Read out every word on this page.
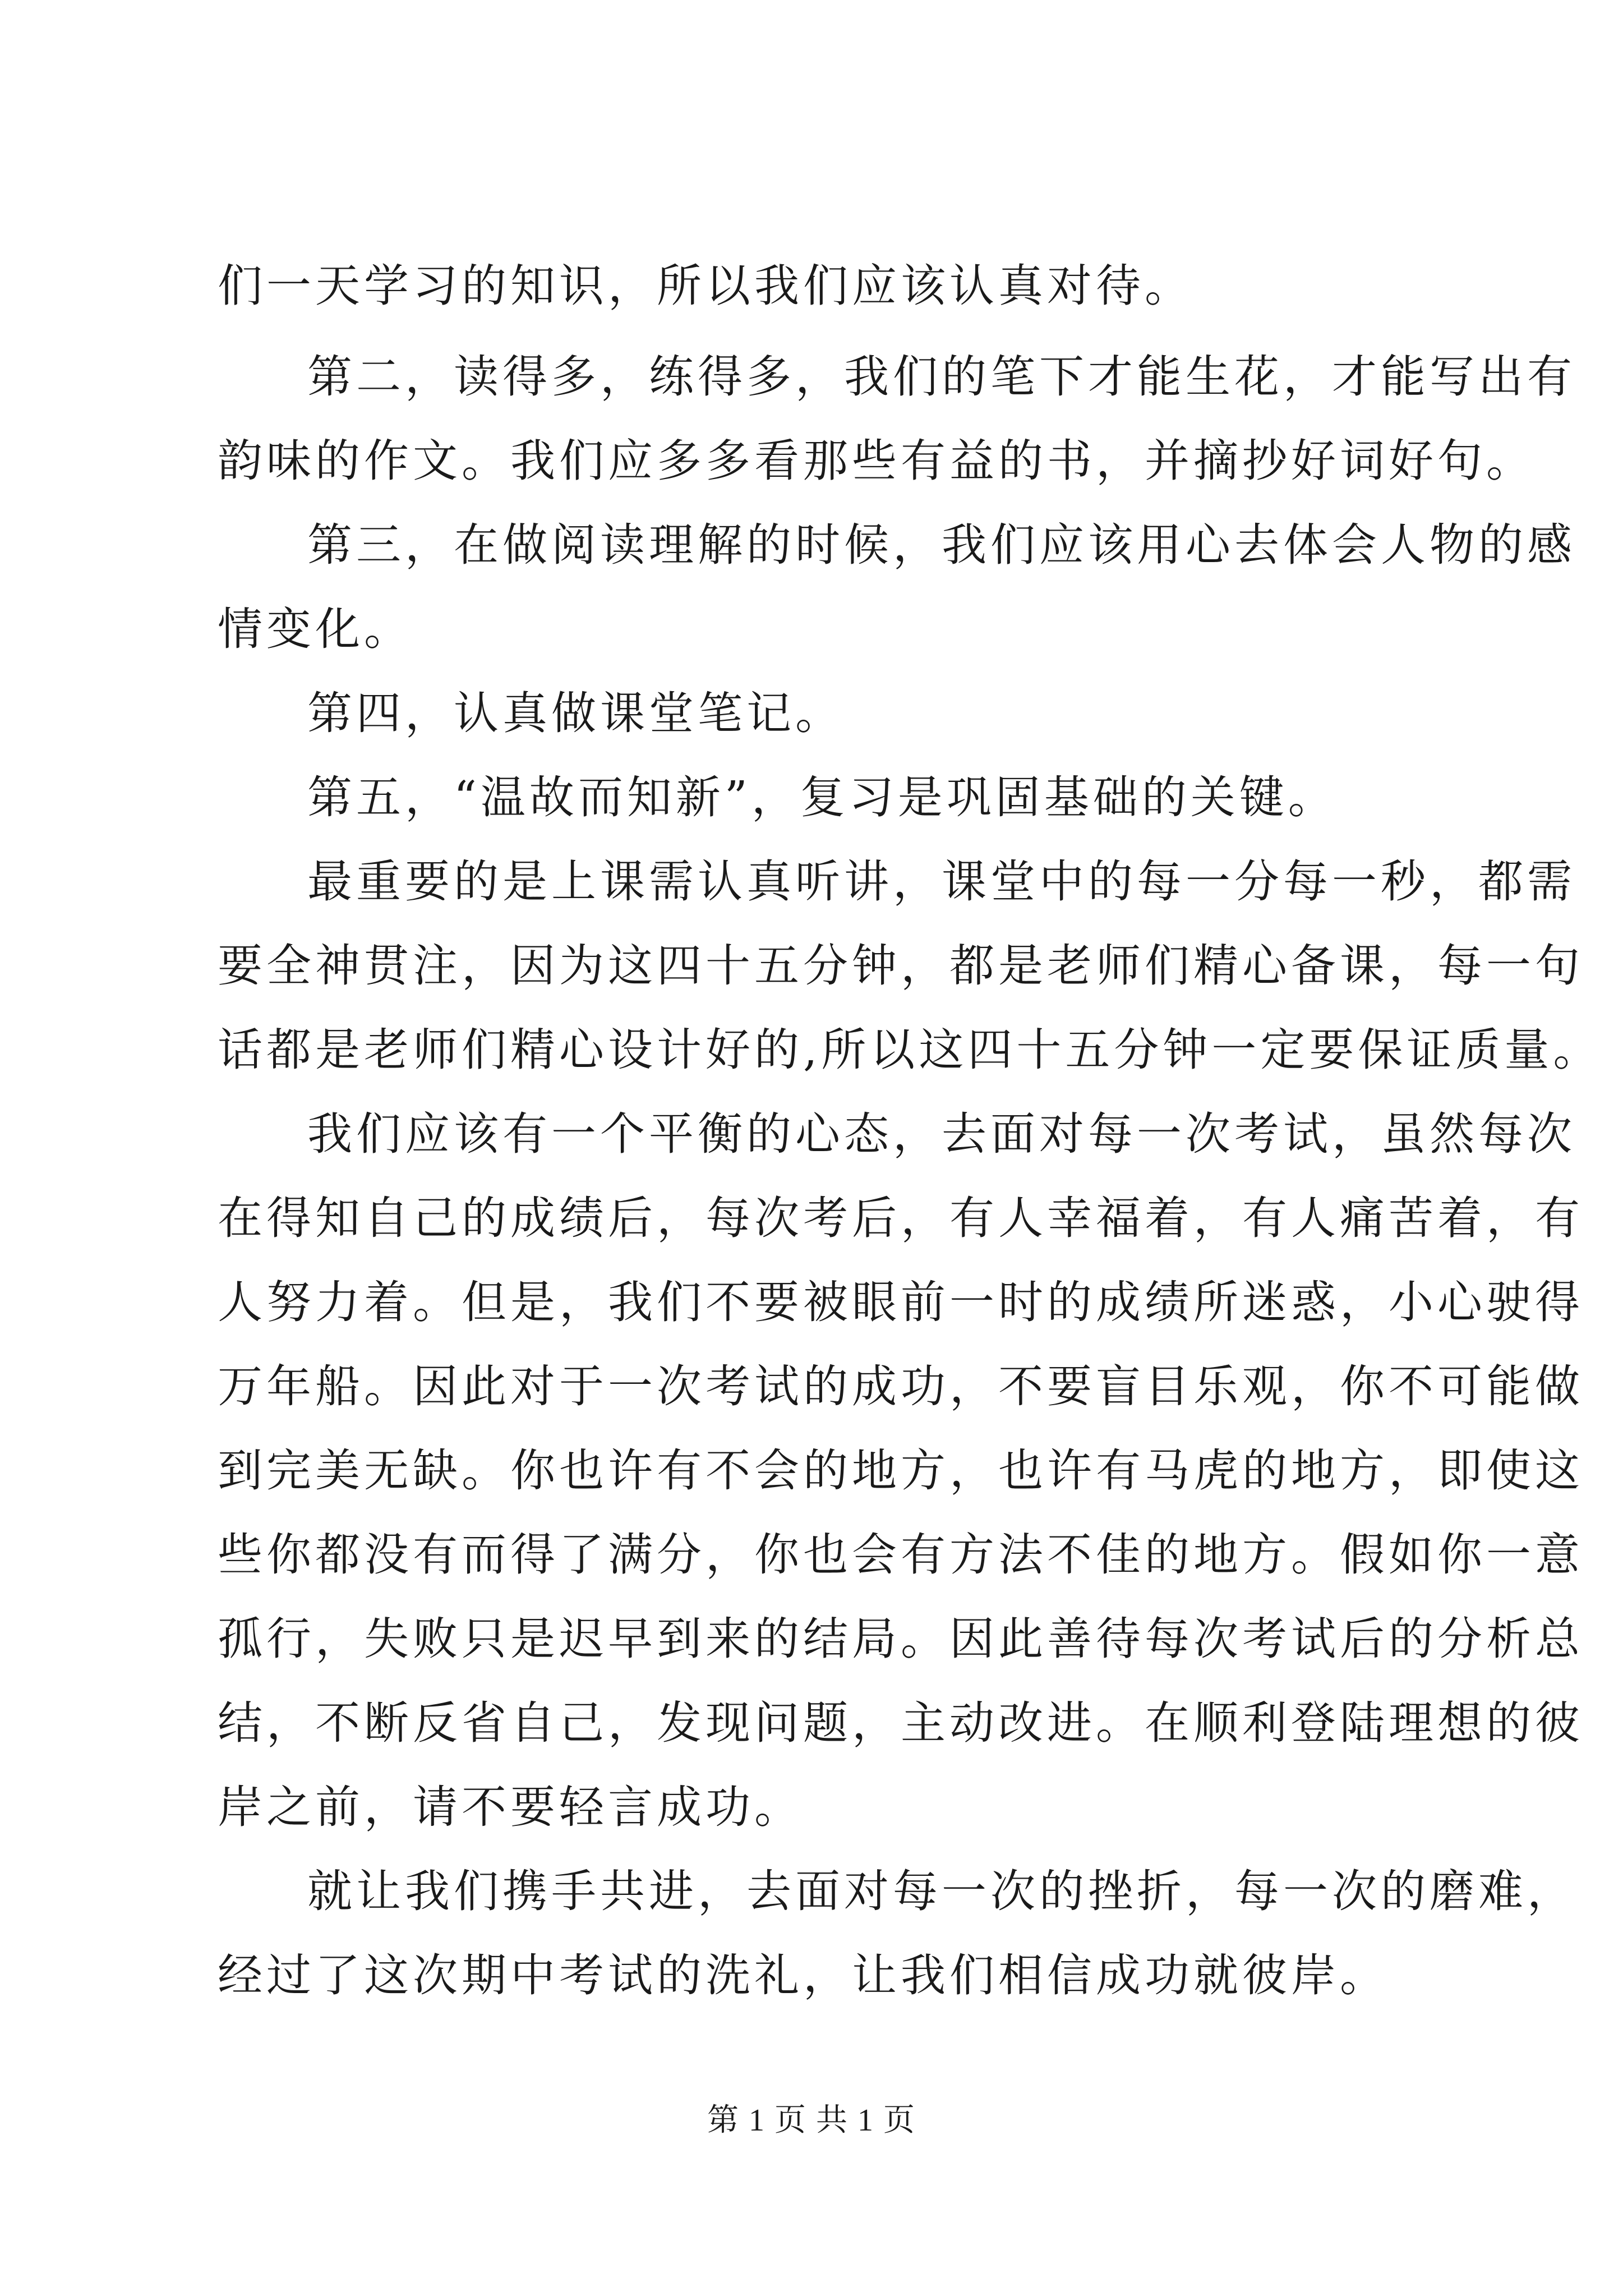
们一天学习的知识，所以我们应该认真对待。
第二，读得多，练得多，我们的笔下才能生花，才能写出有
韵味的作文。我们应多多看那些有益的书，并摘抄好词好句。
第三，在做阅读理解的时候，我们应该用心去体会人物的感
情变化。
第四，认真做课堂笔记。
第五，“温故而知新”，复习是巩固基础的关键。
最重要的是上课需认真听讲，课堂中的每一分每一秒，都需
要全神贯注，因为这四十五分钟，都是老师们精心备课，每一句
话都是老师们精心设计好的,所以这四十五分钟一定要保证质量。
我们应该有一个平衡的心态，去面对每一次考试，虽然每次
在得知自己的成绩后，每次考后，有人幸福着，有人痛苦着，有
人努力着。但是，我们不要被眼前一时的成绩所迷惑，小心驶得
万年船。因此对于一次考试的成功，不要盲目乐观，你不可能做
到完美无缺。你也许有不会的地方，也许有马虎的地方，即使这
些你都没有而得了满分，你也会有方法不佳的地方。假如你一意
孤行，失败只是迟早到来的结局。因此善待每次考试后的分析总
结，不断反省自己，发现问题，主动改进。在顺利登陆理想的彼
岸之前，请不要轻言成功。
就让我们携手共进，去面对每一次的挫折，每一次的磨难，
经过了这次期中考试的洗礼，让我们相信成功就彼岸。
第 1 页 共 1 页
